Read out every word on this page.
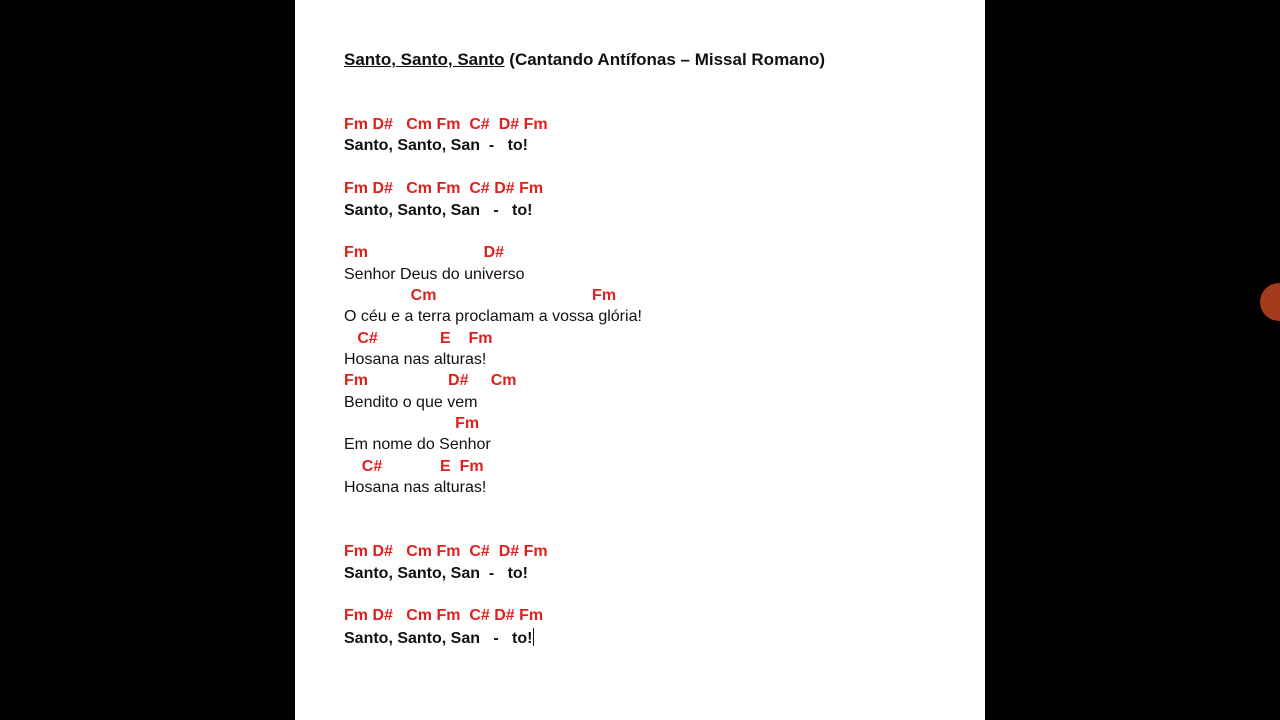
Santo, Santo, Santo (Cantando Antífonas – Missal Romano)
Fm D#   Cm Fm  C#  D# Fm
Santo, Santo, San  -   to!
Fm D#   Cm Fm  C# D# Fm
Santo, Santo, San   -   to!
Fm                          D#
Senhor Deus do universo
Cm                                   Fm
O céu e a terra proclamam a vossa glória!
C#              E    Fm
Hosana nas alturas!
Fm                  D#     Cm
Bendito o que vem
Fm
Em nome do Senhor
C#             E  Fm
Hosana nas alturas!
Fm D#   Cm Fm  C#  D# Fm
Santo, Santo, San  -   to!
Fm D#   Cm Fm  C# D# Fm
Santo, Santo, San   -   to!
